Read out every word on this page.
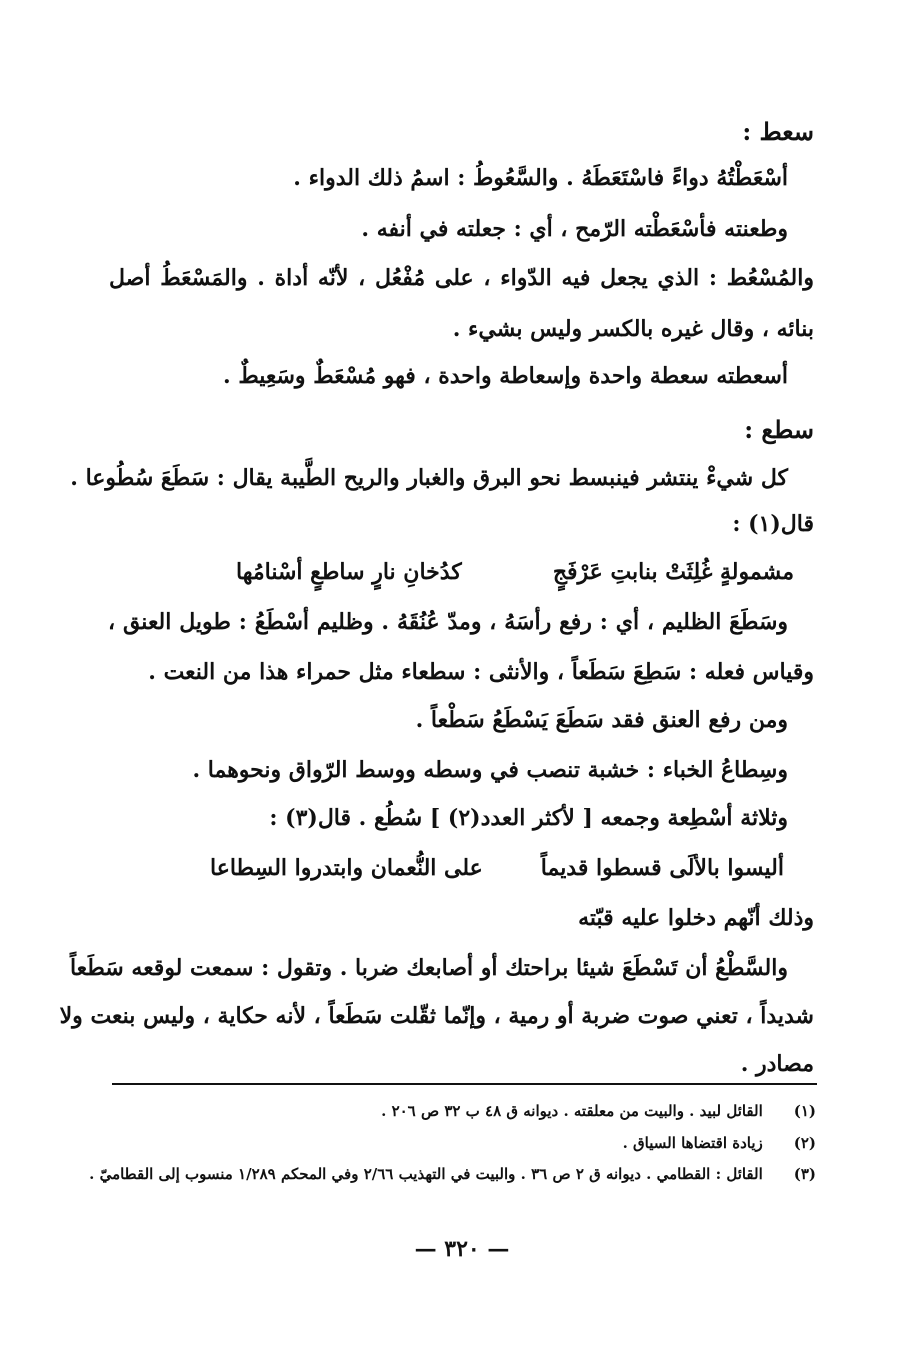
سعط :
أسْعَطْتُهُ دواءً فاسْتَعَطَهُ . والسَّعُوطُ : اسمُ ذلك الدواء .
وطعنته فأسْعَطْته الرّمح ، أي : جعلته في أنفه .
والمُسْعُط : الذي يجعل فيه الدّواء ، على مُفْعُل ، لأنّه أداة . والمَسْعَطُ أصل
بنائه ، وقال غيره بالكسر وليس بشيء .
أسعطته سعطة واحدة وإسعاطة واحدة ، فهو مُسْعَطٌ وسَعِيطٌ .
سطع :
كل شيءْ ينتشر فينبسط نحو البرق والغبار والريح الطَّيبة يقال : سَطَعَ سُطُوعا .
قال(١) :
مشمولةٍ غُلِثَتْ بنابتِ عَرْفَجٍ
كدُخانِ نارٍ ساطعٍ أسْنامُها
وسَطَعَ الظليم ، أي : رفع رأسَهُ ، ومدّ عُنُقَهُ . وظليم أسْطَعُ : طويل العنق ،
وقياس فعله : سَطِعَ سَطَعاً ، والأنثى : سطعاء مثل حمراء هذا من النعت .
ومن رفع العنق فقد سَطَعَ يَسْطَعُ سَطْعاً .
وسِطاعُ الخباء : خشبة تنصب في وسطه ووسط الرّواق ونحوهما .
وثلاثة أسْطِعة وجمعه [ لأكثر العدد(٢) ] سُطُع . قال(٣) :
أليسوا بالألَى قسطوا قديماً
على النُّعمان وابتدروا السِطاعا
وذلك أنّهم دخلوا عليه قبّته
والسَّطْعُ أن تَسْطَعَ شيئا براحتك أو أصابعك ضربا . وتقول : سمعت لوقعه سَطَعاً
شديداً ، تعني صوت ضربة أو رمية ، وإنّما ثقّلت سَطَعاً ، لأنه حكاية ، وليس بنعت ولا
مصادر .
(١) القائل لبيد . والبيت من معلقته . ديوانه ق ٤٨ ب ٣٢ ص ٢٠٦ .
(٢) زيادة اقتضاها السياق .
(٣) القائل : القطامي . ديوانه ق ٢ ص ٣٦ . والبيت في التهذيب ٢/٦٦ وفي المحكم ١/٢٨٩ منسوب إلى القطاميّ .
— ٣٢٠ —
